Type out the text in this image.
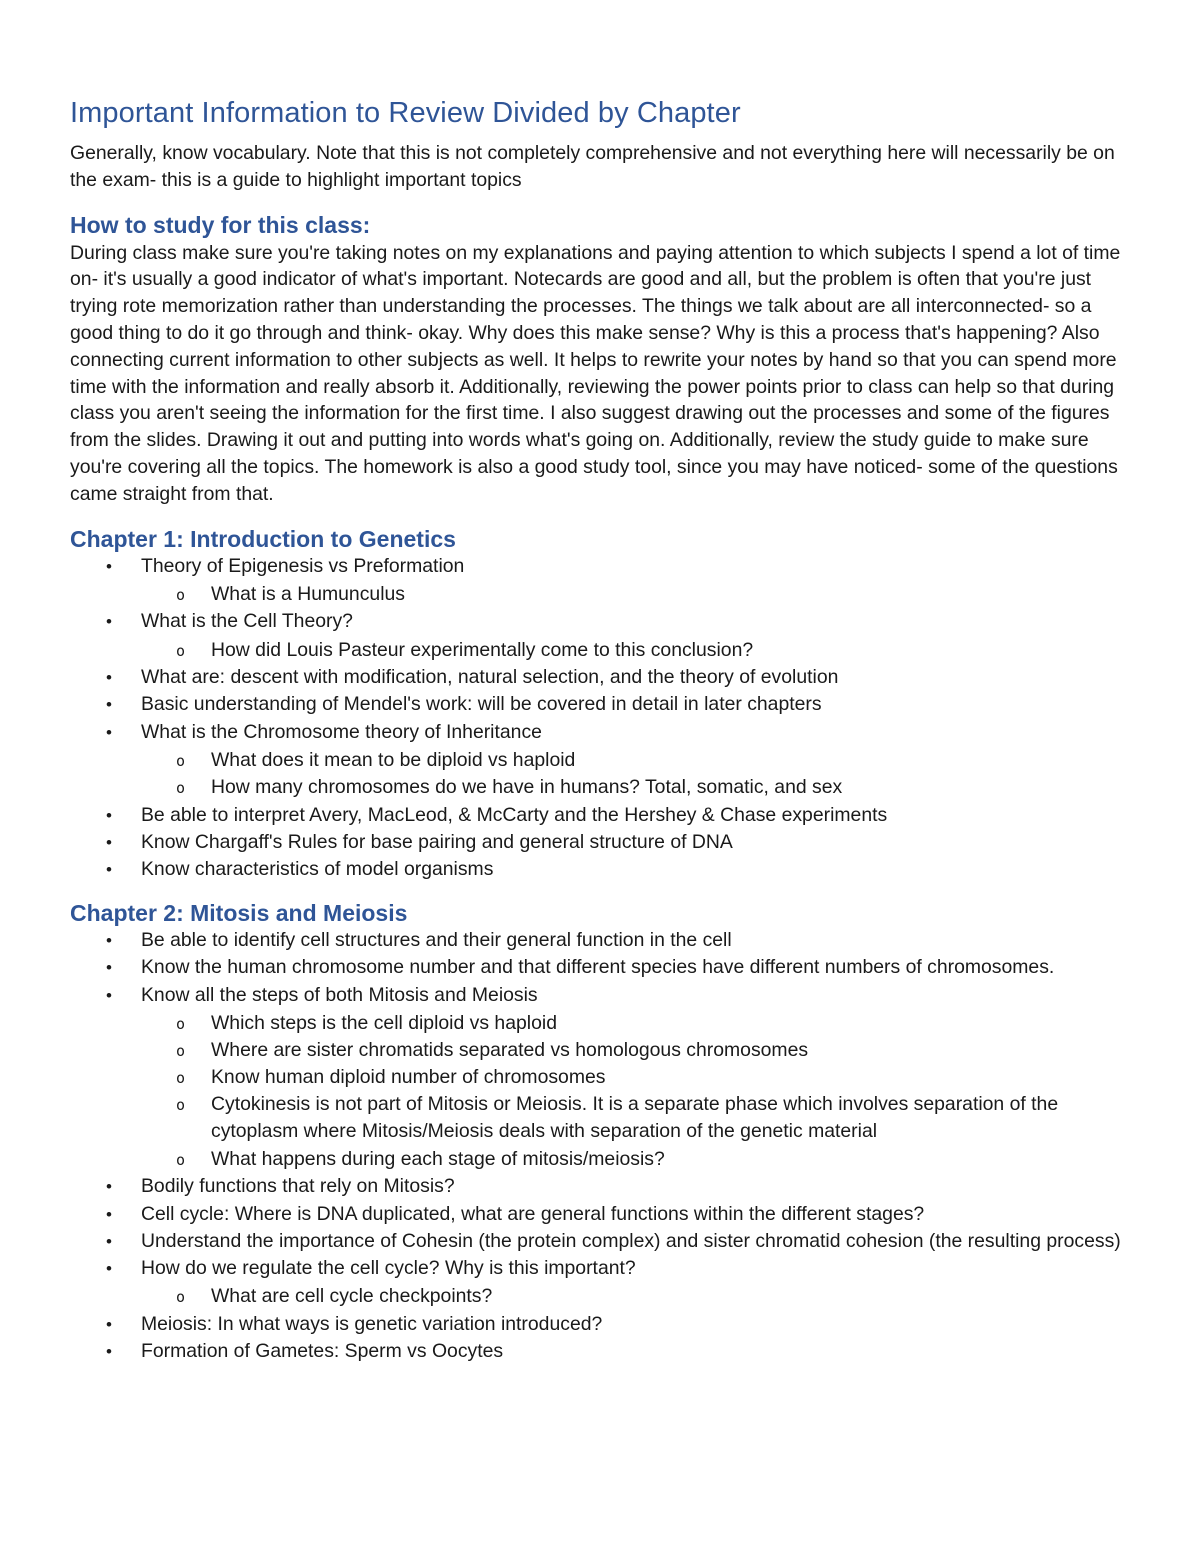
Important Information to Review Divided by Chapter

Generally, know vocabulary. Note that this is not completely comprehensive and not everything here will necessarily be on the exam- this is a guide to highlight important topics

How to study for this class:

During class make sure you're taking notes on my explanations and paying attention to which subjects I spend a lot of time on- it's usually a good indicator of what's important. Notecards are good and all, but the problem is often that you're just trying rote memorization rather than understanding the processes. The things we talk about are all interconnected- so a good thing to do it go through and think- okay. Why does this make sense? Why is this a process that's happening? Also connecting current information to other subjects as well. It helps to rewrite your notes by hand so that you can spend more time with the information and really absorb it. Additionally, reviewing the power points prior to class can help so that during class you aren't seeing the information for the first time. I also suggest drawing out the processes and some of the figures from the slides. Drawing it out and putting into words what's going on. Additionally, review the study guide to make sure you're covering all the topics. The homework is also a good study tool, since you may have noticed- some of the questions came straight from that.

Chapter 1: Introduction to Genetics
• Theory of Epigenesis vs Preformation
o What is a Humunculus
• What is the Cell Theory?
o How did Louis Pasteur experimentally come to this conclusion?
• What are: descent with modification, natural selection, and the theory of evolution
• Basic understanding of Mendel's work: will be covered in detail in later chapters
• What is the Chromosome theory of Inheritance
o What does it mean to be diploid vs haploid
o How many chromosomes do we have in humans? Total, somatic, and sex
• Be able to interpret Avery, MacLeod, & McCarty and the Hershey & Chase experiments
• Know Chargaff's Rules for base pairing and general structure of DNA
• Know characteristics of model organisms
Chapter 2: Mitosis and Meiosis
• Be able to identify cell structures and their general function in the cell
• Know the human chromosome number and that different species have different numbers of chromosomes.
• Know all the steps of both Mitosis and Meiosis
o Which steps is the cell diploid vs haploid
o Where are sister chromatids separated vs homologous chromosomes
o Know human diploid number of chromosomes
o Cytokinesis is not part of Mitosis or Meiosis. It is a separate phase which involves separation of the cytoplasm where Mitosis/Meiosis deals with separation of the genetic material
o What happens during each stage of mitosis/meiosis?
• Bodily functions that rely on Mitosis?
• Cell cycle: Where is DNA duplicated, what are general functions within the different stages?
• Understand the importance of Cohesin (the protein complex) and sister chromatid cohesion (the resulting process)
• How do we regulate the cell cycle? Why is this important?
o What are cell cycle checkpoints?
• Meiosis: In what ways is genetic variation introduced?
• Formation of Gametes: Sperm vs Oocytes
